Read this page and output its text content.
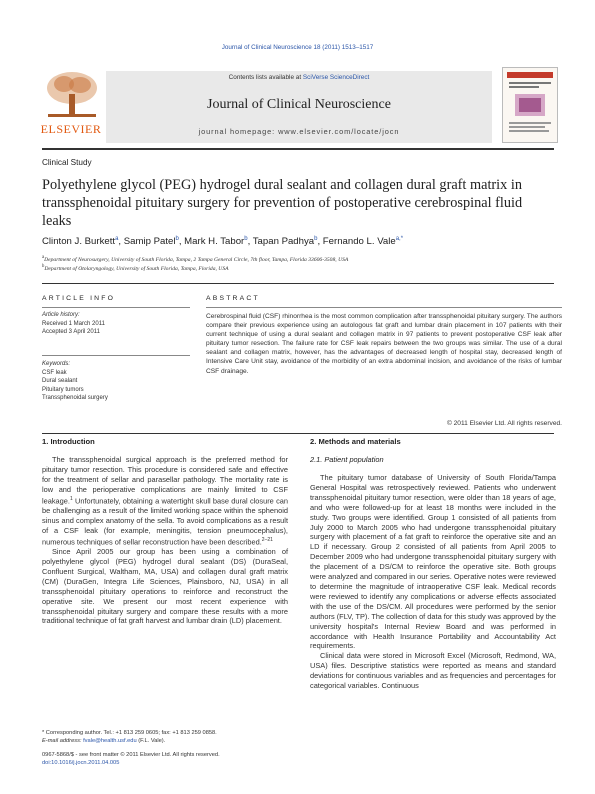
Journal of Clinical Neuroscience 18 (2011) 1513–1517
ELSEVIER
Contents lists available at SciVerse ScienceDirect
Journal of Clinical Neuroscience
journal homepage: www.elsevier.com/locate/jocn
Clinical Study
Polyethylene glycol (PEG) hydrogel dural sealant and collagen dural graft matrix in transsphenoidal pituitary surgery for prevention of postoperative cerebrospinal fluid leaks
Clinton J. Burkett$^a$, Samip Patel$^b$, Mark H. Tabor$^b$, Tapan Padhya$^b$, Fernando L. Vale$^{a,*}$
$^a$Department of Neurosurgery, University of South Florida, Tampa, 2 Tampa General Circle, 7th floor, Tampa, Florida 33606-3508, USA
$^b$Department of Otolaryngology, University of South Florida, Tampa, Florida, USA
ARTICLE INFO
Article history:
Received 1 March 2011
Accepted 3 April 2011
Keywords:
CSF leak
Dural sealant
Pituitary tumors
Transsphenoidal surgery
ABSTRACT
Cerebrospinal fluid (CSF) rhinorrhea is the most common complication after transsphenoidal pituitary surgery. The authors compare their previous experience using an autologous fat graft and lumbar drain placement in 107 patients with their current technique of using a dural sealant and collagen matrix in 97 patients to prevent postoperative CSF leak after pituitary tumor resection. The failure rate for CSF leak repairs between the two groups was similar. The use of a dural sealant and collagen matrix, however, has the advantages of decreased length of hospital stay, decreased length of Intensive Care Unit stay, avoidance of the morbidity of an extra abdominal incision, and avoidance of the risks of lumbar CSF drainage.
© 2011 Elsevier Ltd. All rights reserved.
1. Introduction

The transsphenoidal surgical approach is the preferred method for pituitary tumor resection. This procedure is considered safe and effective for the treatment of sellar and parasellar pathology. The mortality rate is low and the perioperative complications are mainly limited to CSF leakage.$^1$ Unfortunately, obtaining a watertight skull base dural closure can be challenging as a result of the limited working space within the sphenoid sinus and complex anatomy of the sella. To avoid complications as a result of a CSF leak (for example, meningitis, tension pneumocephalus), numerous techniques of sellar reconstruction have been described.$^{2-21}$

Since April 2005 our group has been using a combination of polyethylene glycol (PEG) hydrogel dural sealant (DS) (DuraSeal, Confluent Surgical, Waltham, MA, USA) and collagen dural graft matrix (CM) (DuraGen, Integra Life Sciences, Plainsboro, NJ, USA) in all transsphenoidal pituitary operations to reinforce and reconstruct the operative site. We present our most recent experience with transsphenoidal pituitary surgery and compare these results with a more traditional technique of fat graft harvest and lumbar drain (LD) placement.

2. Methods and materials
2.1. Patient population

The pituitary tumor database of University of South Florida/Tampa General Hospital was retrospectively reviewed. Patients who underwent transsphenoidal pituitary tumor resection, were older than 18 years of age, and who were followed-up for at least 18 months were included in the study. Two groups were identified. Group 1 consisted of all patients from July 2000 to March 2005 who had undergone transsphenoidal pituitary surgery with placement of a fat graft to reinforce the operative site and an LD if necessary. Group 2 consisted of all patients from April 2005 to December 2009 who had undergone transsphenoidal pituitary surgery with the placement of a DS/CM to reinforce the operative site. Both groups were analyzed and compared in our series. Operative notes were reviewed to determine the magnitude of intraoperative CSF leak. Medical records were reviewed to identify any complications or adverse effects associated with the use of the DS/CM. All procedures were performed by the senior authors (FLV, TP). The collection of data for this study was approved by the university hospital's Internal Review Board and was performed in accordance with Health Insurance Portability and Accountability Act requirements.

Clinical data were stored in Microsoft Excel (Microsoft, Redmond, WA, USA) files. Descriptive statistics were reported as means and standard deviations for continuous variables and as frequencies and percentages for categorical variables. Continuous

* Corresponding author. Tel.: +1 813 259 0605; fax: +1 813 259 0858.
E-mail address: fvale@health.usf.edu (F.L. Vale).
0967-5868/$ - see front matter © 2011 Elsevier Ltd. All rights reserved.
doi:10.1016/j.jocn.2011.04.005
